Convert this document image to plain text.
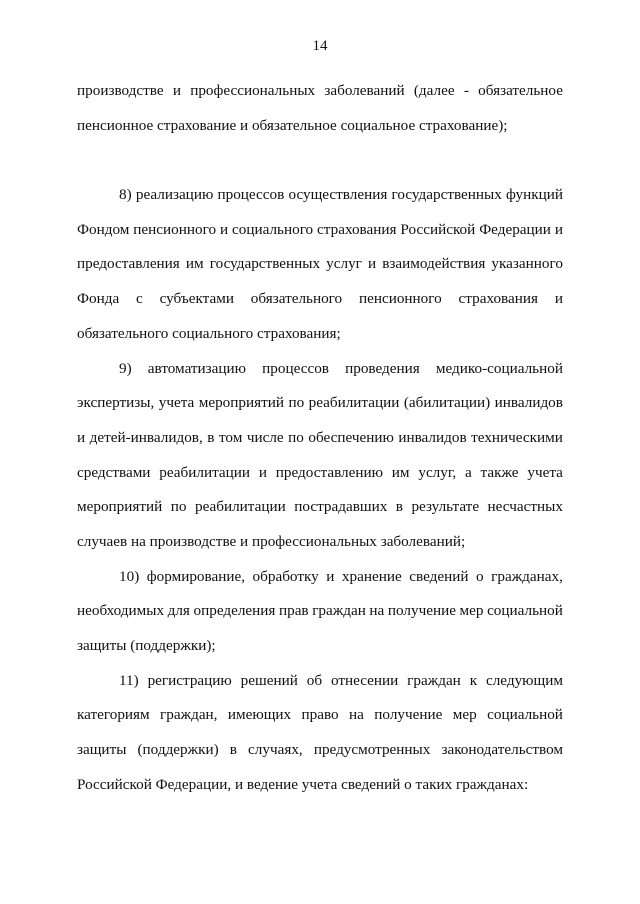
14
производстве и профессиональных заболеваний (далее - обязательное
пенсионное страхование и обязательное социальное страхование);
8) реализацию процессов осуществления государственных функций
Фондом пенсионного и социального страхования Российской Федерации и
предоставления им государственных услуг и взаимодействия указанного
Фонда с субъектами обязательного пенсионного страхования и
обязательного социального страхования;
9) автоматизацию процессов проведения медико-социальной
экспертизы, учета мероприятий по реабилитации (абилитации) инвалидов
и детей-инвалидов, в том числе по обеспечению инвалидов техническими
средствами реабилитации и предоставлению им услуг, а также учета
мероприятий по реабилитации пострадавших в результате несчастных
случаев на производстве и профессиональных заболеваний;
10) формирование, обработку и хранение сведений о гражданах,
необходимых для определения прав граждан на получение мер социальной
защиты (поддержки);
11) регистрацию решений об отнесении граждан к следующим
категориям граждан, имеющих право на получение мер социальной
защиты (поддержки) в случаях, предусмотренных законодательством
Российской Федерации, и ведение учета сведений о таких гражданах:
